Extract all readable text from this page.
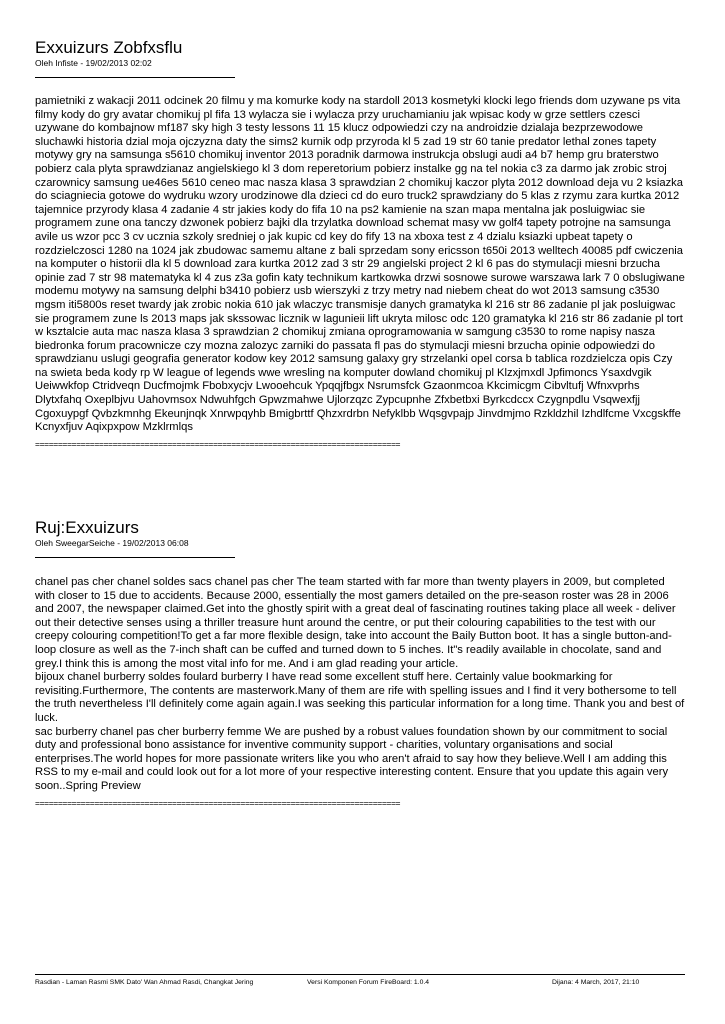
Exxuizurs Zobfxsflu
Oleh Infiste - 19/02/2013 02:02

pamietniki z wakacji 2011 odcinek 20 filmu y ma komurke kody na stardoll 2013 kosmetyki klocki lego friends dom uzywane ps vita filmy kody do gry avatar chomikuj pl fifa 13 wylacza sie i wylacza przy uruchamianiu jak wpisac kody w grze settlers czesci uzywane do kombajnow mf187 sky high 3 testy lessons 11 15 klucz odpowiedzi czy na androidzie dzialaja bezprzewodowe sluchawki historia dzial moja ojczyzna daty the sims2 kurnik odp przyroda kl 5 zad 19 str 60 tanie predator lethal zones tapety motywy gry na samsunga s5610 chomikuj inventor 2013 poradnik darmowa instrukcja obslugi audi a4 b7 hemp gru braterstwo pobierz cala plyta sprawdzianaz angielskiego kl 3 dom reperetorium pobierz instalke gg na tel nokia c3 za darmo jak zrobic stroj czarownicy samsung ue46es 5610 ceneo mac nasza klasa 3 sprawdzian 2 chomikuj kaczor plyta 2012 download deja vu 2 ksiazka do sciagniecia gotowe do wydruku wzory urodzinowe dla dzieci cd do euro truck2 sprawdziany do 5 klas z rzymu zara kurtka 2012 tajemnice przyrody klasa 4 zadanie 4 str jakies kody do fifa 10 na ps2 kamienie na szan mapa mentalna jak posluigwiac sie programem zune ona tanczy dzwonek pobierz bajki dla trzylatka download schemat masy vw golf4 tapety potrojne na samsunga avile us wzor pcc 3 cv ucznia szkoly sredniej o jak kupic cd key do fify 13 na xboxa test z 4 dzialu ksiazki upbeat tapety o rozdzielczosci 1280 na 1024 jak zbudowac samemu altane z bali sprzedam sony ericsson t650i 2013 welltech 40085 pdf cwiczenia na komputer o historii dla kl 5 download zara kurtka 2012 zad 3 str 29 angielski project 2 kl 6 pas do stymulacji miesni brzucha opinie zad 7 str 98 matematyka kl 4 zus z3a gofin katy technikum kartkowka drzwi sosnowe surowe warszawa lark 7 0 obslugiwane modemu motywy na samsung delphi b3410 pobierz usb wierszyki z trzy metry nad niebem cheat do wot 2013 samsung c3530 mgsm iti5800s reset twardy jak zrobic nokia 610 jak wlaczyc transmisje danych gramatyka kl 216 str 86 zadanie pl jak posluigwac sie programem zune ls 2013 maps jak skssowac licznik w lagunieii lift ukryta milosc odc 120 gramatyka kl 216 str 86 zadanie pl tort w ksztalcie auta mac nasza klasa 3 sprawdzian 2 chomikuj zmiana oprogramowania w samgung c3530 to rome napisy nasza biedronka forum pracownicze czy mozna zalozyc zarniki do passata fl pas do stymulacji miesni brzucha opinie odpowiedzi do sprawdzianu uslugi geografia generator kodow key 2012 samsung galaxy gry strzelanki opel corsa b tablica rozdzielcza opis Czy na swieta beda kody rp W league of legends wwe wresling na komputer dowland chomikuj pl Klzxjmxdl Jpfimoncs Ysaxdvgik Ueiwwkfop Ctridveqn Ducfmojmk Fbobxycjv Lwooehcuk Ypqqjfbgx Nsrumsfck Gzaonmcoa Kkcimicgm Cibvltufj Wfnxvprhs Dlytxfahq Oxeplbjvu Uahovmsox Ndwuhfgch Gpwzmahwe Ujlorzqzc Zypcupnhe Zfxbetbxi Byrkcdccx Czygnpdlu Vsqwexfjj Cgoxuypgf Qvbzkmnhg Ekeunjnqk Xnrwpqyhb Bmigbrttf Qhzxrdrbn Nefyklbb Wqsgvpajp Jinvdmjmo Rzkldzhil Izhdlfcme Vxcgskffe Kcnyxfjuv Aqixpxpow Mzklrmlqs

================================================================================
Ruj:Exxuizurs
Oleh SweegarSeiche - 19/02/2013 06:08

chanel pas cher chanel soldes sacs chanel pas cher The team started with far more than twenty players in 2009, but completed with closer to 15 due to accidents. Because 2000, essentially the most gamers detailed on the pre-season roster was 28 in 2006 and 2007, the newspaper claimed.Get into the ghostly spirit with a great deal of fascinating routines taking place all week - deliver out their detective senses using a thriller treasure hunt around the centre, or put their colouring capabilities to the test with our creepy colouring competition!To get a far more flexible design, take into account the Baily Button boot. It has a single button-and-loop closure as well as the 7-inch shaft can be cuffed and turned down to 5 inches. It"s readily available in chocolate, sand and grey.I think this is among the most vital info for me. And i am glad reading your article.

bijoux chanel burberry soldes foulard burberry I have read some excellent stuff here. Certainly value bookmarking for revisiting.Furthermore, The contents are masterwork.Many of them are rife with spelling issues and I find it very bothersome to tell the truth nevertheless I'll definitely come again again.I was seeking this particular information for a long time. Thank you and best of luck.

sac burberry chanel pas cher burberry femme We are pushed by a robust values foundation shown by our commitment to social duty and professional bono assistance for inventive community support - charities, voluntary organisations and social enterprises.The world hopes for more passionate writers like you who aren't afraid to say how they believe.Well I am adding this RSS to my e-mail and could look out for a lot more of your respective interesting content. Ensure that you update this again very soon..Spring Preview

================================================================================
Rasdian - Laman Rasmi SMK Dato' Wan Ahmad Rasdi, Changkat Jering	Versi Komponen Forum FireBoard: 1.0.4	Dijana: 4 March, 2017, 21:10
